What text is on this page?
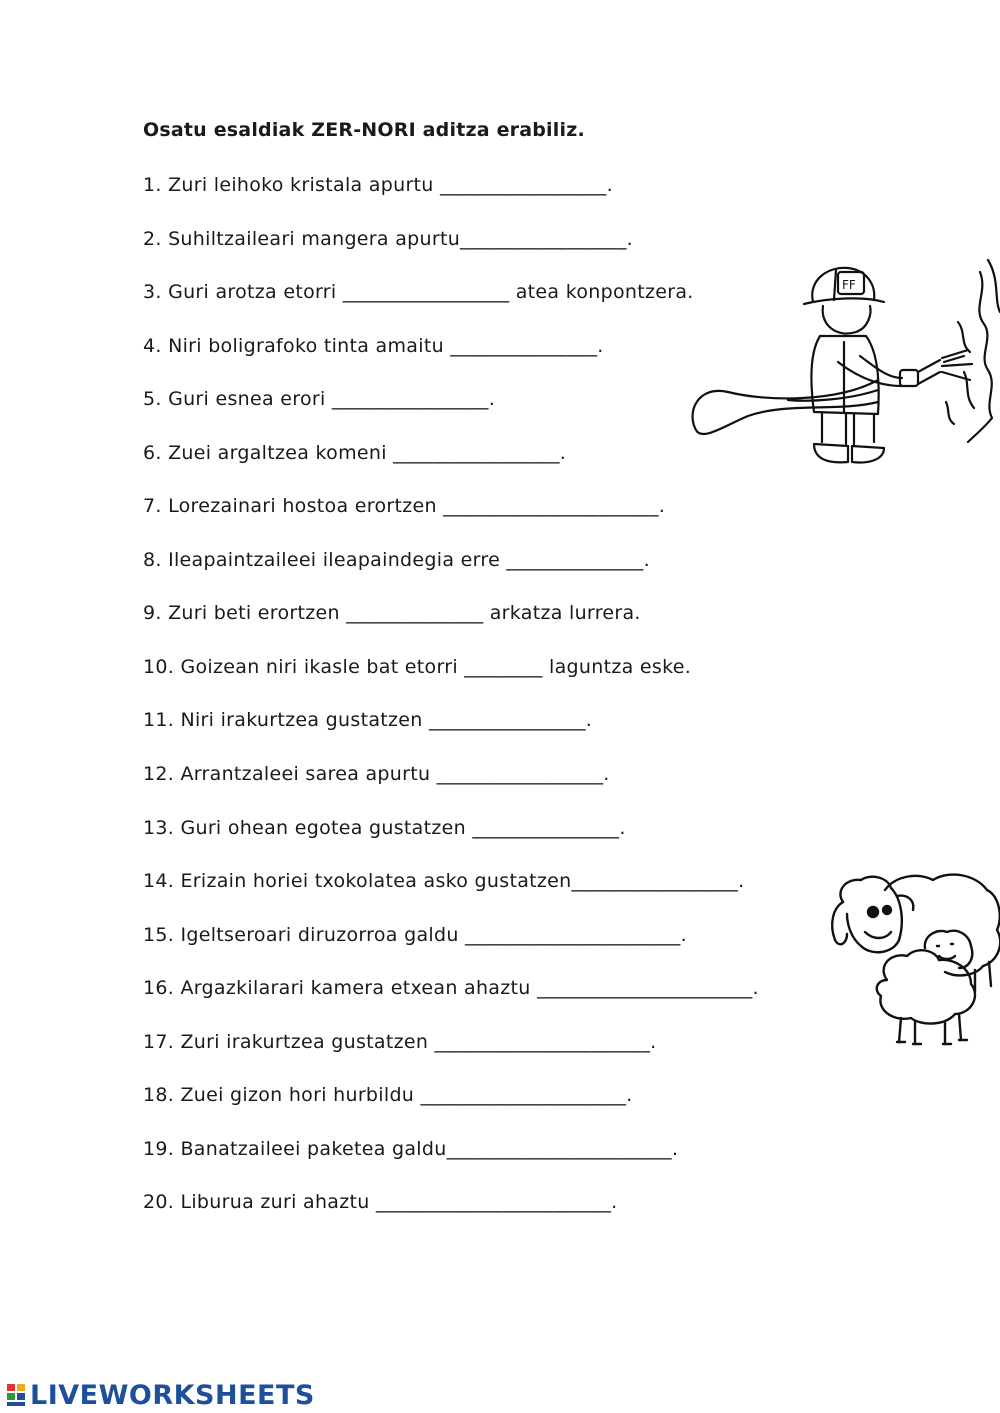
Osatu esaldiak ZER-NORI aditza erabiliz.
1. Zuri leihoko kristala apurtu _________________.
2. Suhiltzaileari mangera apurtu_________________.
3. Guri arotza etorri _________________ atea konpontzera.
4. Niri boligrafoko tinta amaitu _______________.
5. Guri esnea erori ________________.
6. Zuei argaltzea komeni _________________.
7. Lorezainari hostoa erortzen ______________________.
8. Ileapaintzaileei ileapaindegia erre ______________.
9. Zuri beti erortzen ______________ arkatza lurrera.
10. Goizean niri ikasle bat etorri ________ laguntza eske.
11. Niri irakurtzea gustatzen ________________.
12. Arrantzaleei sarea apurtu _________________.
13. Guri ohean egotea gustatzen _______________.
14. Erizain horiei txokolatea asko gustatzen_________________.
15. Igeltseroari diruzorroa galdu ______________________.
16. Argazkilarari kamera etxean ahaztu ______________________.
17. Zuri irakurtzea gustatzen ______________________.
18. Zuei gizon hori hurbildu _____________________.
19. Banatzaileei paketea galdu_______________________.
20. Liburua zuri ahaztu ________________________.
FF
LIVEWORKSHEETS
